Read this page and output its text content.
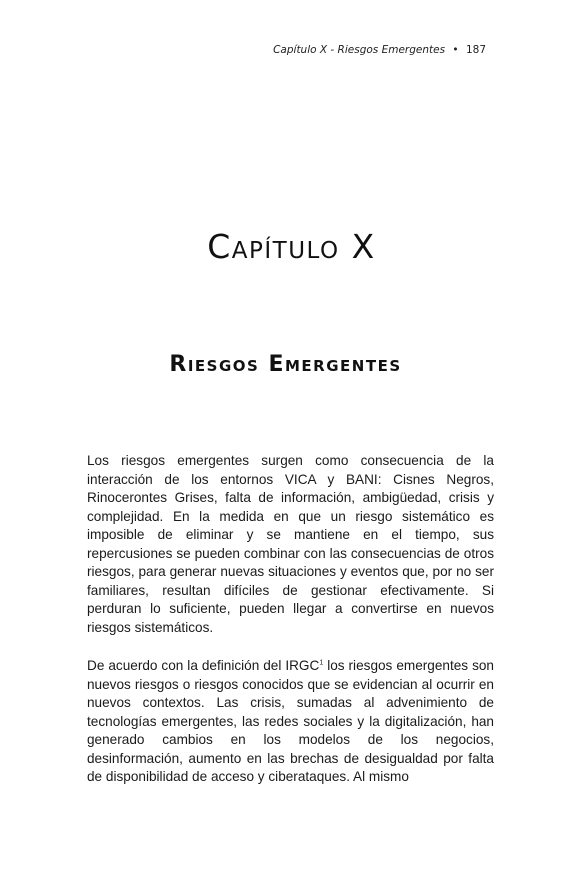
Capítulo X - Riesgos Emergentes • 187
Capítulo X
Riesgos Emergentes

Los riesgos emergentes surgen como consecuencia de la interacción de los entornos VICA y BANI: Cisnes Negros, Rinocerontes Grises, falta de información, ambigüedad, crisis y complejidad. En la medida en que un riesgo sistemático es imposible de eliminar y se mantiene en el tiempo, sus repercusiones se pueden combinar con las consecuencias de otros riesgos, para generar nuevas situaciones y eventos que, por no ser familiares, resultan difíciles de gestionar efectivamente. Si perduran lo suficiente, pueden llegar a convertirse en nuevos riesgos sistemáticos.

De acuerdo con la definición del IRGC$^1$ los riesgos emergentes son nuevos riesgos o riesgos conocidos que se evidencian al ocurrir en nuevos contextos. Las crisis, sumadas al advenimiento de tecnologías emergentes, las redes sociales y la digitalización, han generado cambios en los modelos de los negocios, desinformación, aumento en las brechas de desigualdad por falta de disponibilidad de acceso y ciberataques. Al mismo
